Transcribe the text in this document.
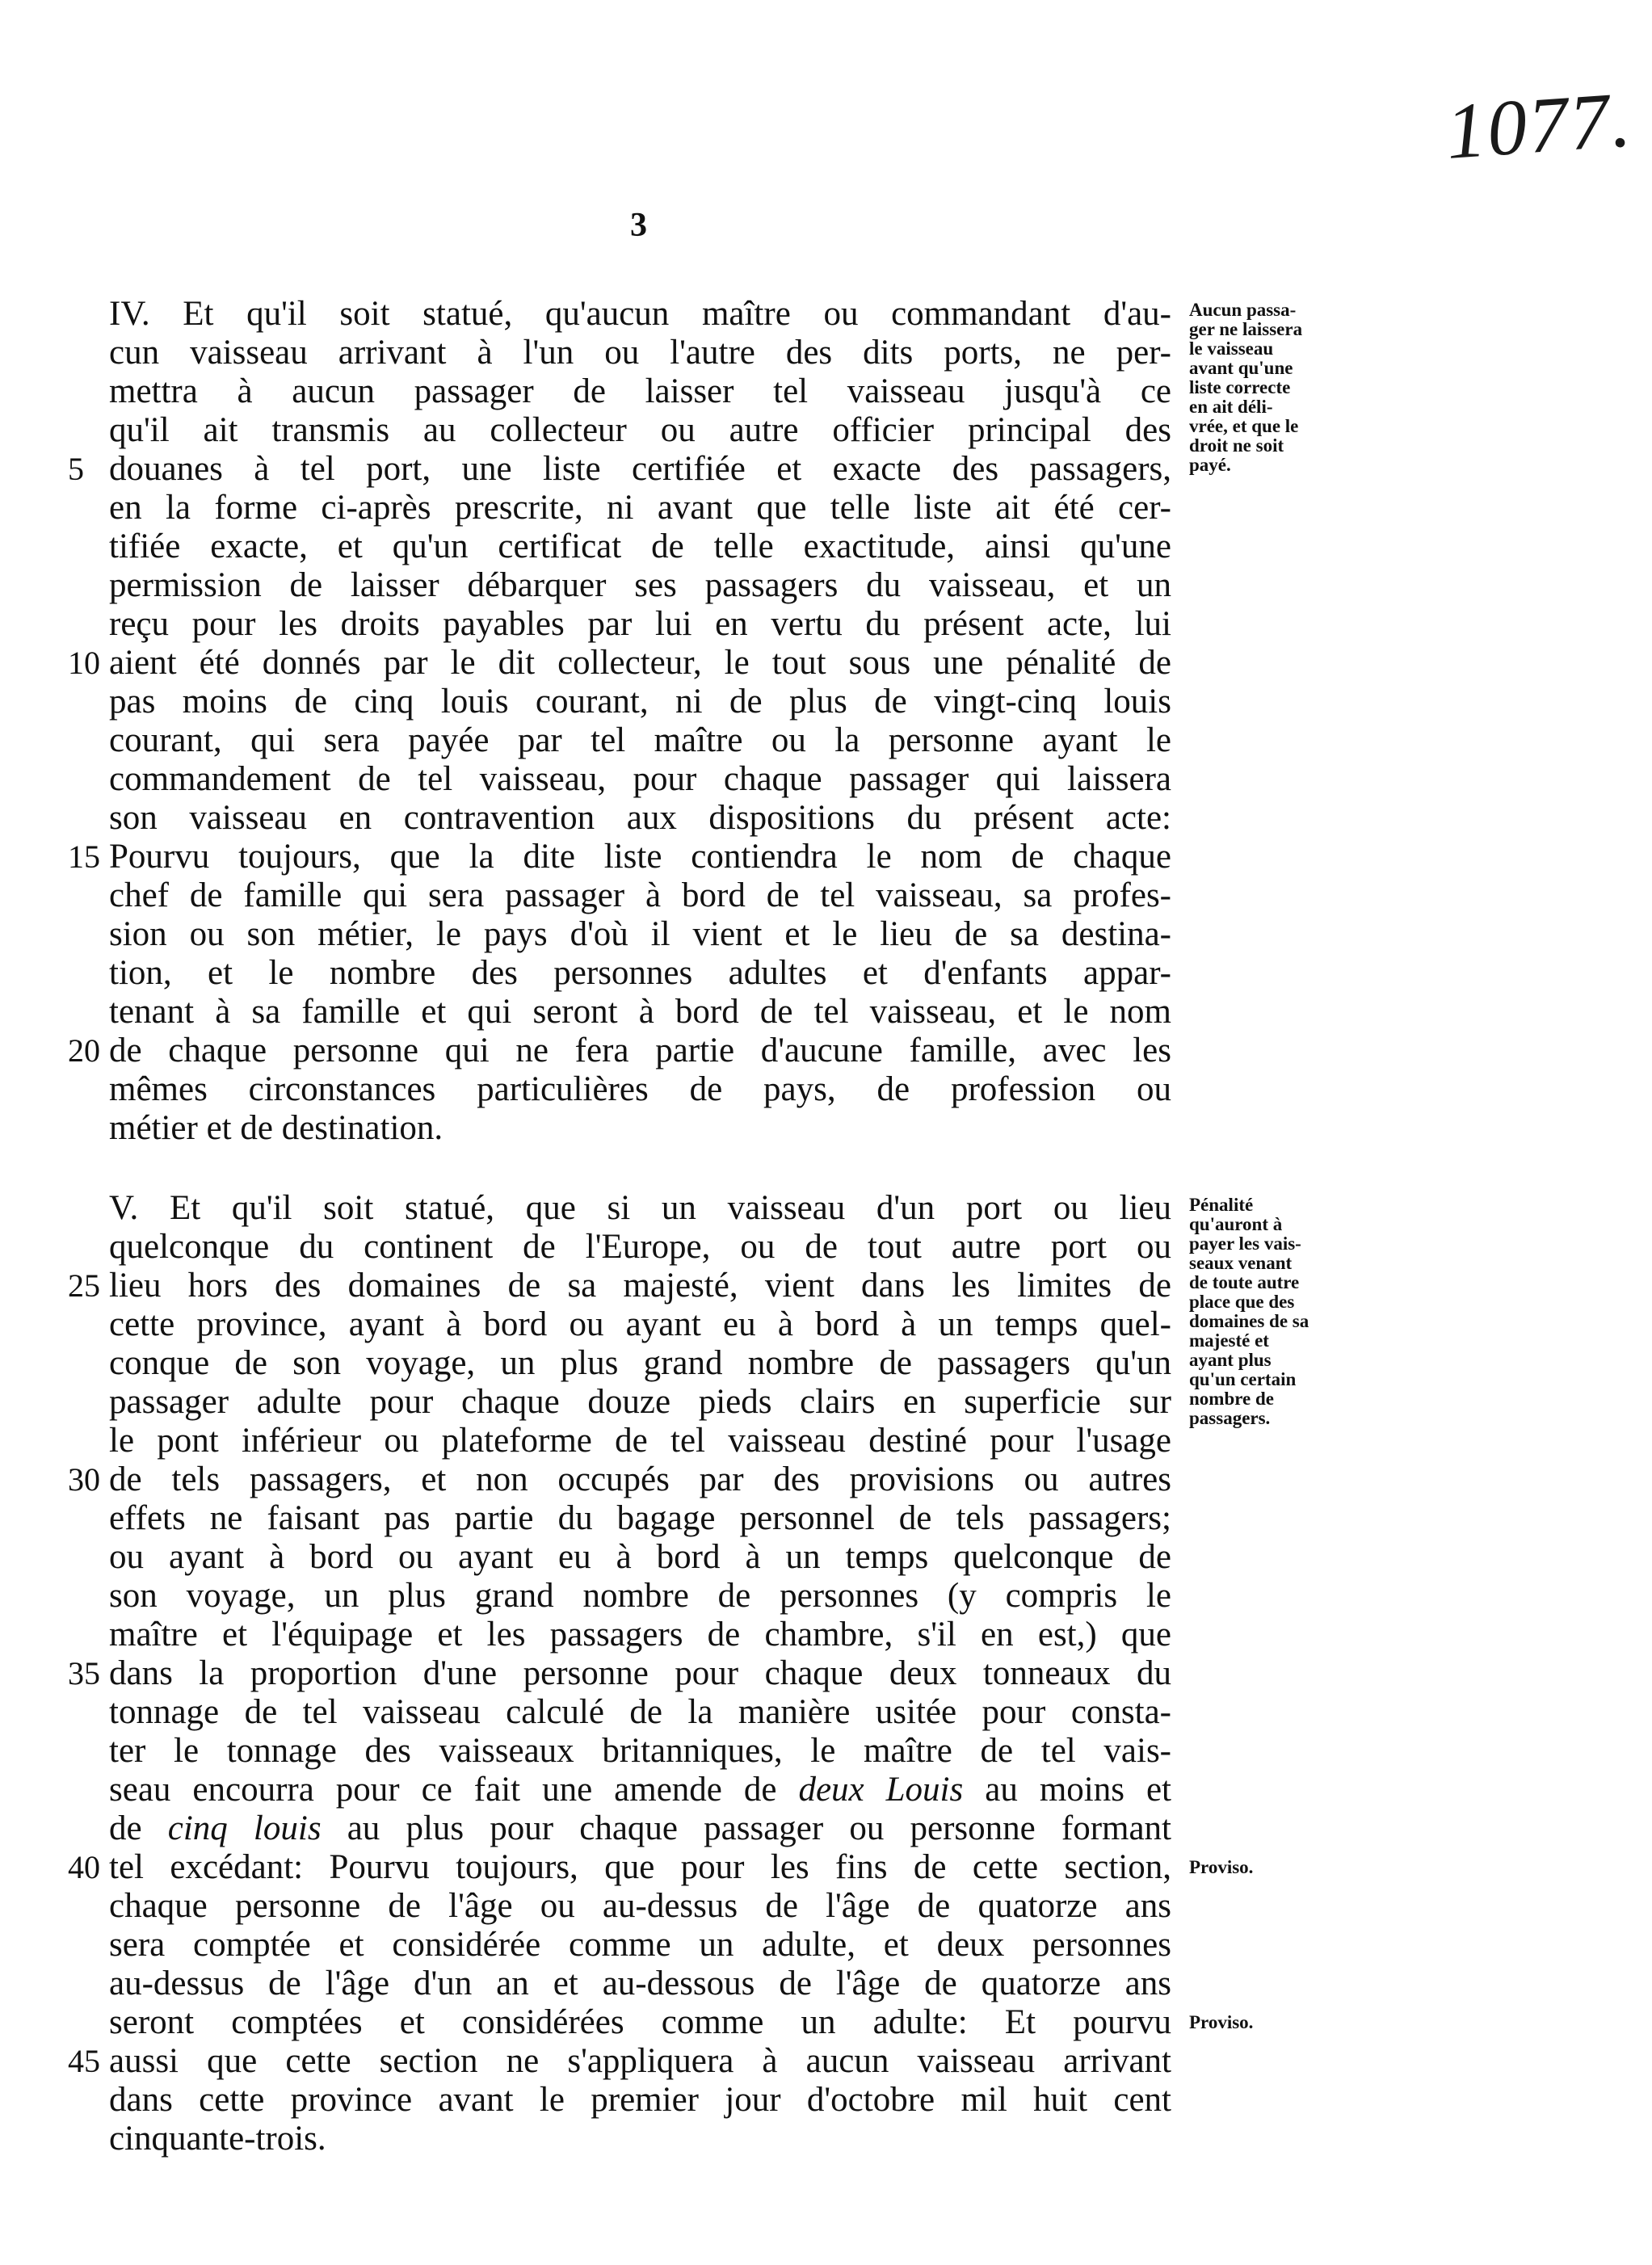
1077.
3
IV. Et qu'il soit statué, qu'aucun maître ou commandant d'au-
cun vaisseau arrivant à l'un ou l'autre des dits ports, ne per-
mettra à aucun passager de laisser tel vaisseau jusqu'à ce
qu'il ait transmis au collecteur ou autre officier principal des
douanes à tel port, une liste certifiée et exacte des passagers,
5
en la forme ci-après prescrite, ni avant que telle liste ait été cer-
tifiée exacte, et qu'un certificat de telle exactitude, ainsi qu'une
permission de laisser débarquer ses passagers du vaisseau, et un
reçu pour les droits payables par lui en vertu du présent acte, lui
aient été donnés par le dit collecteur, le tout sous une pénalité de
10
pas moins de cinq louis courant, ni de plus de vingt-cinq louis
courant, qui sera payée par tel maître ou la personne ayant le
commandement de tel vaisseau, pour chaque passager qui laissera
son vaisseau en contravention aux dispositions du présent acte:
Pourvu toujours, que la dite liste contiendra le nom de chaque
15
chef de famille qui sera passager à bord de tel vaisseau, sa profes-
sion ou son métier, le pays d'où il vient et le lieu de sa destina-
tion, et le nombre des personnes adultes et d'enfants appar-
tenant à sa famille et qui seront à bord de tel vaisseau, et le nom
de chaque personne qui ne fera partie d'aucune famille, avec les
20
mêmes circonstances particulières de pays, de profession ou
métier et de destination.
V. Et qu'il soit statué, que si un vaisseau d'un port ou lieu
quelconque du continent de l'Europe, ou de tout autre port ou
lieu hors des domaines de sa majesté, vient dans les limites de
25
cette province, ayant à bord ou ayant eu à bord à un temps quel-
conque de son voyage, un plus grand nombre de passagers qu'un
passager adulte pour chaque douze pieds clairs en superficie sur
le pont inférieur ou plateforme de tel vaisseau destiné pour l'usage
de tels passagers, et non occupés par des provisions ou autres
30
effets ne faisant pas partie du bagage personnel de tels passagers;
ou ayant à bord ou ayant eu à bord à un temps quelconque de
son voyage, un plus grand nombre de personnes (y compris le
maître et l'équipage et les passagers de chambre, s'il en est,) que
dans la proportion d'une personne pour chaque deux tonneaux du
35
tonnage de tel vaisseau calculé de la manière usitée pour consta-
ter le tonnage des vaisseaux britanniques, le maître de tel vais-
seau encourra pour ce fait une amende de deux Louis au moins et
de cinq louis au plus pour chaque passager ou personne formant
tel excédant: Pourvu toujours, que pour les fins de cette section,
40
chaque personne de l'âge ou au-dessus de l'âge de quatorze ans
sera comptée et considérée comme un adulte, et deux personnes
au-dessus de l'âge d'un an et au-dessous de l'âge de quatorze ans
seront comptées et considérées comme un adulte: Et pourvu
aussi que cette section ne s'appliquera à aucun vaisseau arrivant
45
dans cette province avant le premier jour d'octobre mil huit cent
cinquante-trois.
Aucun passa-
ger ne laissera
le vaisseau
avant qu'une
liste correcte
en ait déli-
vrée, et que le
droit ne soit
payé.
Pénalité
qu'auront à
payer les vais-
seaux venant
de toute autre
place que des
domaines de sa
majesté et
ayant plus
qu'un certain
nombre de
passagers.
Proviso.
Proviso.
